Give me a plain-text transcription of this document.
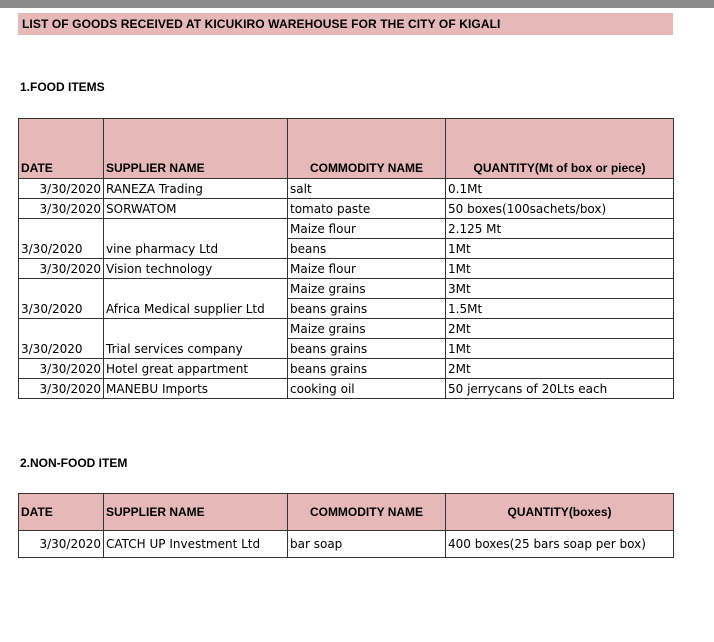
LIST OF GOODS RECEIVED AT KICUKIRO WAREHOUSE FOR THE CITY OF KIGALI
1.FOOD ITEMS
DATE	SUPPLIER NAME	COMMODITY NAME	QUANTITY(Mt of box or piece)
3/30/2020	RANEZA Trading	salt	0.1Mt
3/30/2020	SORWATOM	tomato paste	50 boxes(100sachets/box)
		Maize flour	2.125 Mt
3/30/2020	vine pharmacy Ltd	beans	1Mt
3/30/2020	Vision technology	Maize flour	1Mt
		Maize grains	3Mt
3/30/2020	Africa Medical supplier Ltd	beans grains	1.5Mt
		Maize grains	2Mt
3/30/2020	Trial services company	beans grains	1Mt
3/30/2020	Hotel great appartment	beans grains	2Mt
3/30/2020	MANEBU Imports	cooking oil	50 jerrycans of 20Lts each
2.NON-FOOD ITEM
DATE	SUPPLIER NAME	COMMODITY NAME	QUANTITY(boxes)
3/30/2020	CATCH UP Investment Ltd	bar soap	400 boxes(25 bars soap per box)
